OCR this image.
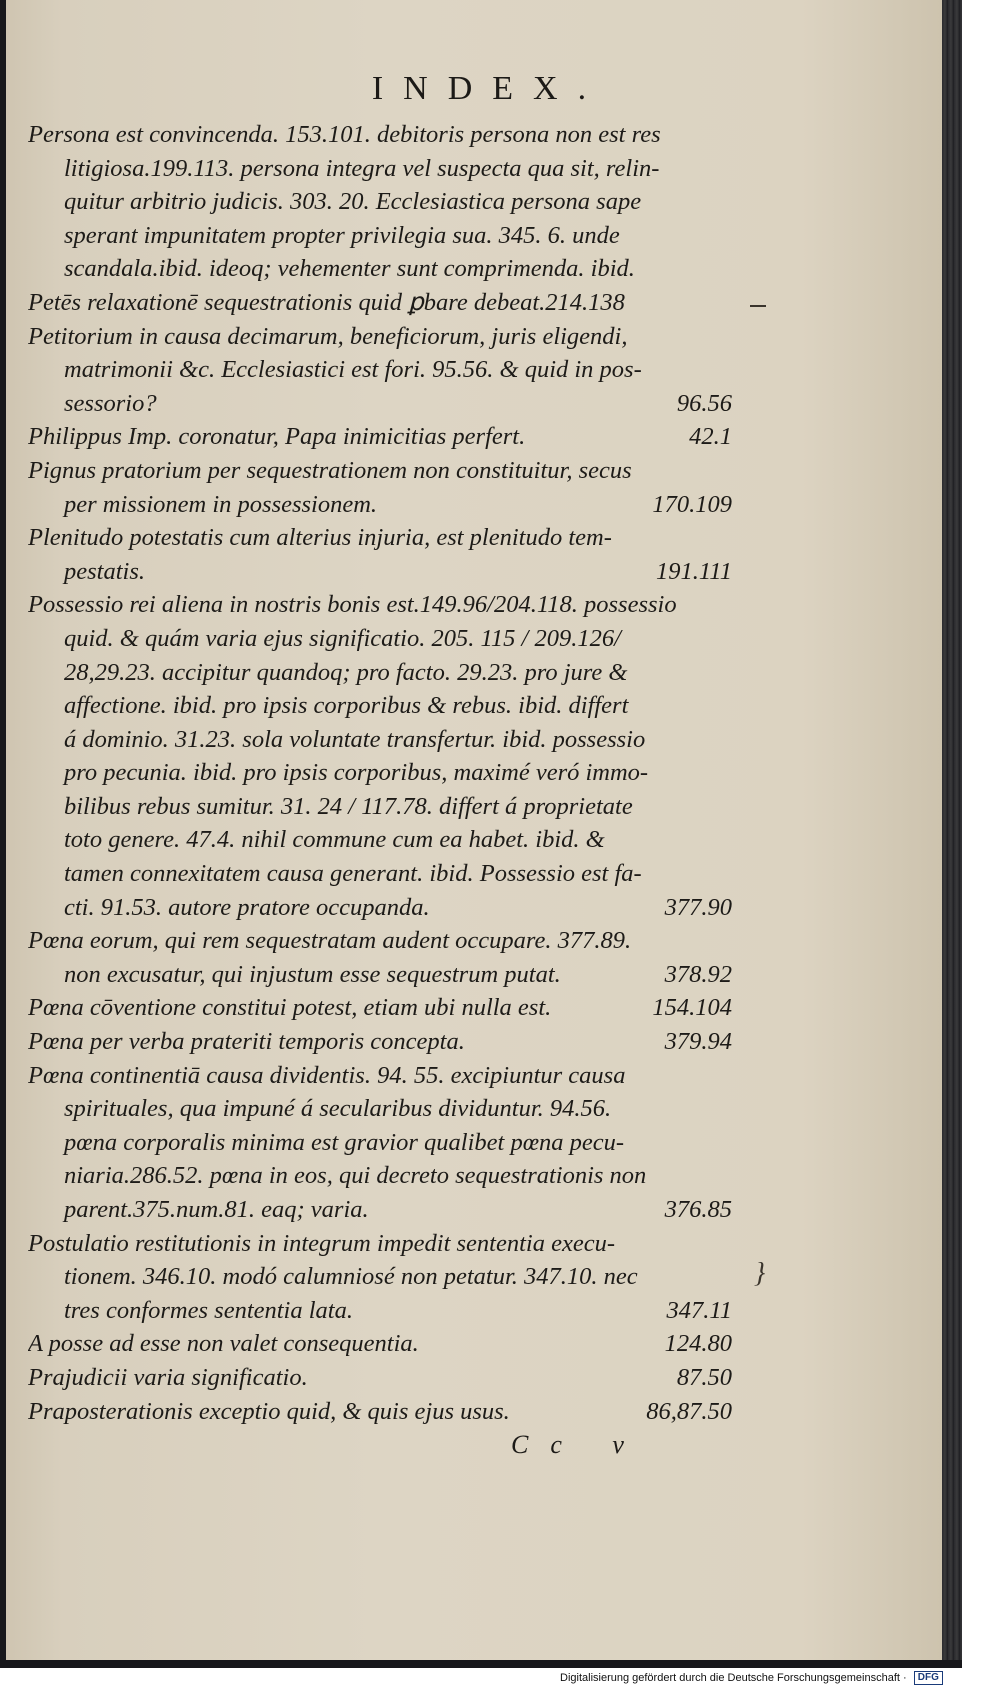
INDEX.
Persona est convincenda. 153.101. debitoris persona non est res
litigiosa.199.113. persona integra vel suspecta qua sit, relin-
quitur arbitrio judicis. 303. 20. Ecclesiastica persona sape
sperant impunitatem propter privilegia sua. 345. 6. unde
scandala.ibid. ideoq; vehementer sunt comprimenda. ibid.
Petēs relaxationē sequestrationis quid ꝑbare debeat.214.138
Petitorium in causa decimarum, beneficiorum, juris eligendi,
matrimonii &c. Ecclesiastici est fori. 95.56. & quid in pos-
sessorio?	96.56
Philippus Imp. coronatur, Papa inimicitias perfert.	42.1
Pignus pratorium per sequestrationem non constituitur, secus
per missionem in possessionem.	170.109
Plenitudo potestatis cum alterius injuria, est plenitudo tem-
pestatis.	191.111
Possessio rei aliena in nostris bonis est.149.96/204.118. possessio
quid. & quám varia ejus significatio. 205. 115 / 209.126/
28,29.23. accipitur quandoq; pro facto. 29.23. pro jure &
affectione. ibid. pro ipsis corporibus & rebus. ibid. differt
á dominio. 31.23. sola voluntate transfertur. ibid. possessio
pro pecunia. ibid. pro ipsis corporibus, maximé veró immo-
bilibus rebus sumitur. 31. 24 / 117.78. differt á proprietate
toto genere. 47.4. nihil commune cum ea habet. ibid. &
tamen connexitatem causa generant. ibid. Possessio est fa-
cti. 91.53. autore pratore occupanda.	377.90
Pœna eorum, qui rem sequestratam audent occupare. 377.89.
non excusatur, qui injustum esse sequestrum putat.	378.92
Pœna cōventione constitui potest, etiam ubi nulla est.	154.104
Pœna per verba prateriti temporis concepta.	379.94
Pœna continentiā causa dividentis. 94. 55. excipiuntur causa
spirituales, qua impuné á secularibus dividuntur. 94.56.
pœna corporalis minima est gravior qualibet pœna pecu-
niaria.286.52. pœna in eos, qui decreto sequestrationis non
parent.375.num.81. eaq; varia.	376.85
Postulatio restitutionis in integrum impedit sententia execu-
tionem. 346.10. modó calumniosé non petatur. 347.10. nec
tres conformes sententia lata.	347.11
A posse ad esse non valet consequentia.	124.80
Prajudicii varia significatio.	87.50
Praposterationis exceptio quid, & quis ejus usus.	86,87.50
}
Cc v
Digitalisierung gefördert durch die Deutsche Forschungsgemeinschaft · DFG
